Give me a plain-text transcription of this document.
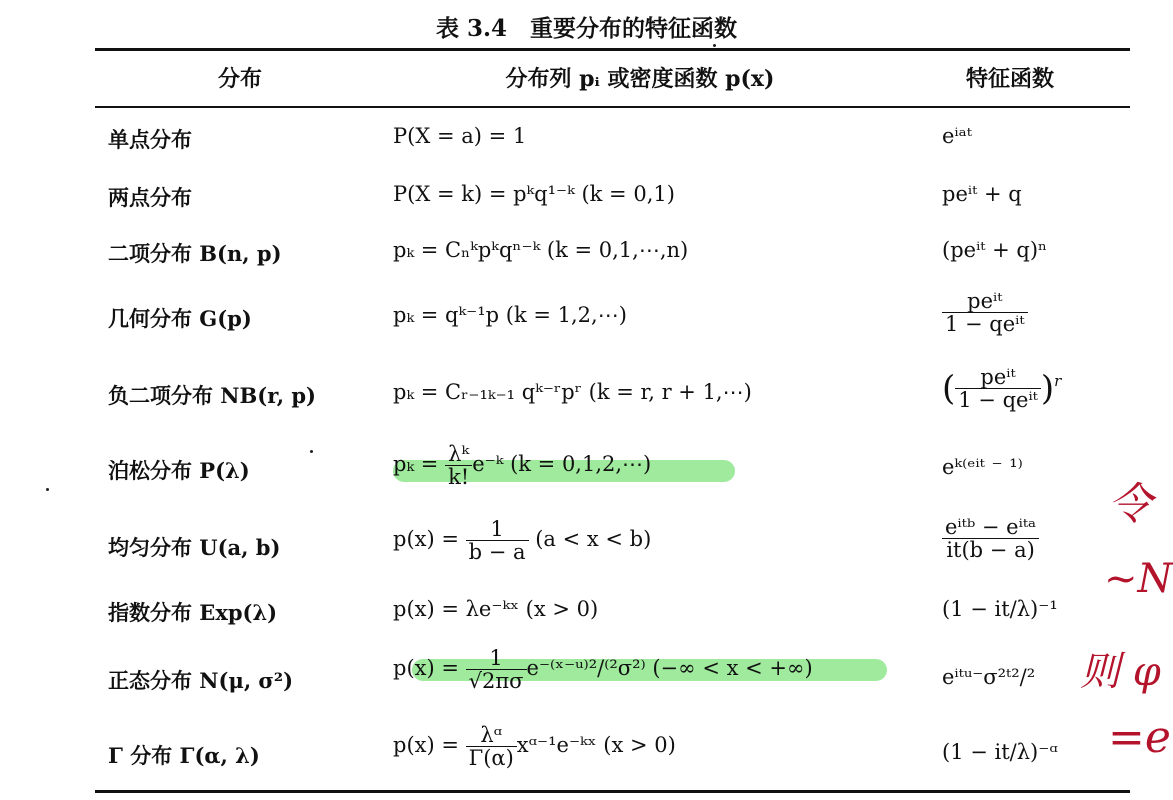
表 3.4　重要分布的特征函数
分布	分布列 pᵢ 或密度函数 p(x)	特征函数
单点分布	P(X = a) = 1	eⁱᵃᵗ
两点分布	P(X = k) = pᵏq¹⁻ᵏ (k = 0,1)	peⁱᵗ + q
二项分布 B(n, p)	pₖ = Cₙᵏpᵏqⁿ⁻ᵏ (k = 0,1,⋯,n)	(peⁱᵗ + q)ⁿ
几何分布 G(p)	pₖ = qᵏ⁻¹p (k = 1,2,⋯)	$\frac{\text{peⁱᵗ}}{\text{1 − qeⁱᵗ}}$
负二项分布 NB(r, p)	pₖ = Cᵣ₋₁ₖ₋₁ qᵏ⁻ʳpʳ (k = r, r + 1,⋯)	( $\frac{\text{peⁱᵗ}}{\text{1 − qeⁱᵗ}} )^r$
泊松分布 P(λ)	$p_k = \frac{\text{λᵏ}}{k!}$ e⁻ᵏ (k = 0,1,2,⋯)	eᵏ⁽ᵉⁱᵗ ⁻ ¹⁾
均匀分布 U(a, b)	$p(x) = \frac{1}{b - a} (a < x < b)$	$\frac{\text{eⁱᵗᵇ − eⁱᵗᵃ}}{it(b - a)}$
指数分布 Exp(λ)	p(x) = λe⁻ᵏˣ (x > 0)	(1 − it/λ)⁻¹
正态分布 N(μ, σ²)	$p(x) = \frac{1}{√2\pi\sigma}$ e⁻⁽ˣ⁻ᵘ⁾²/⁽²σ²⁾ (−∞ < x < +∞)	eⁱᵗᵘ⁻σ²ᵗ²/²
Γ 分布 Γ(α, λ)	$p(x) = \frac{\text{λᵅ}}{\Gamma(\alpha)}$ xᵅ⁻¹e⁻ᵏˣ (x > 0)	(1 − it/λ)⁻ᵅ
令
~N
则 φ
=e
